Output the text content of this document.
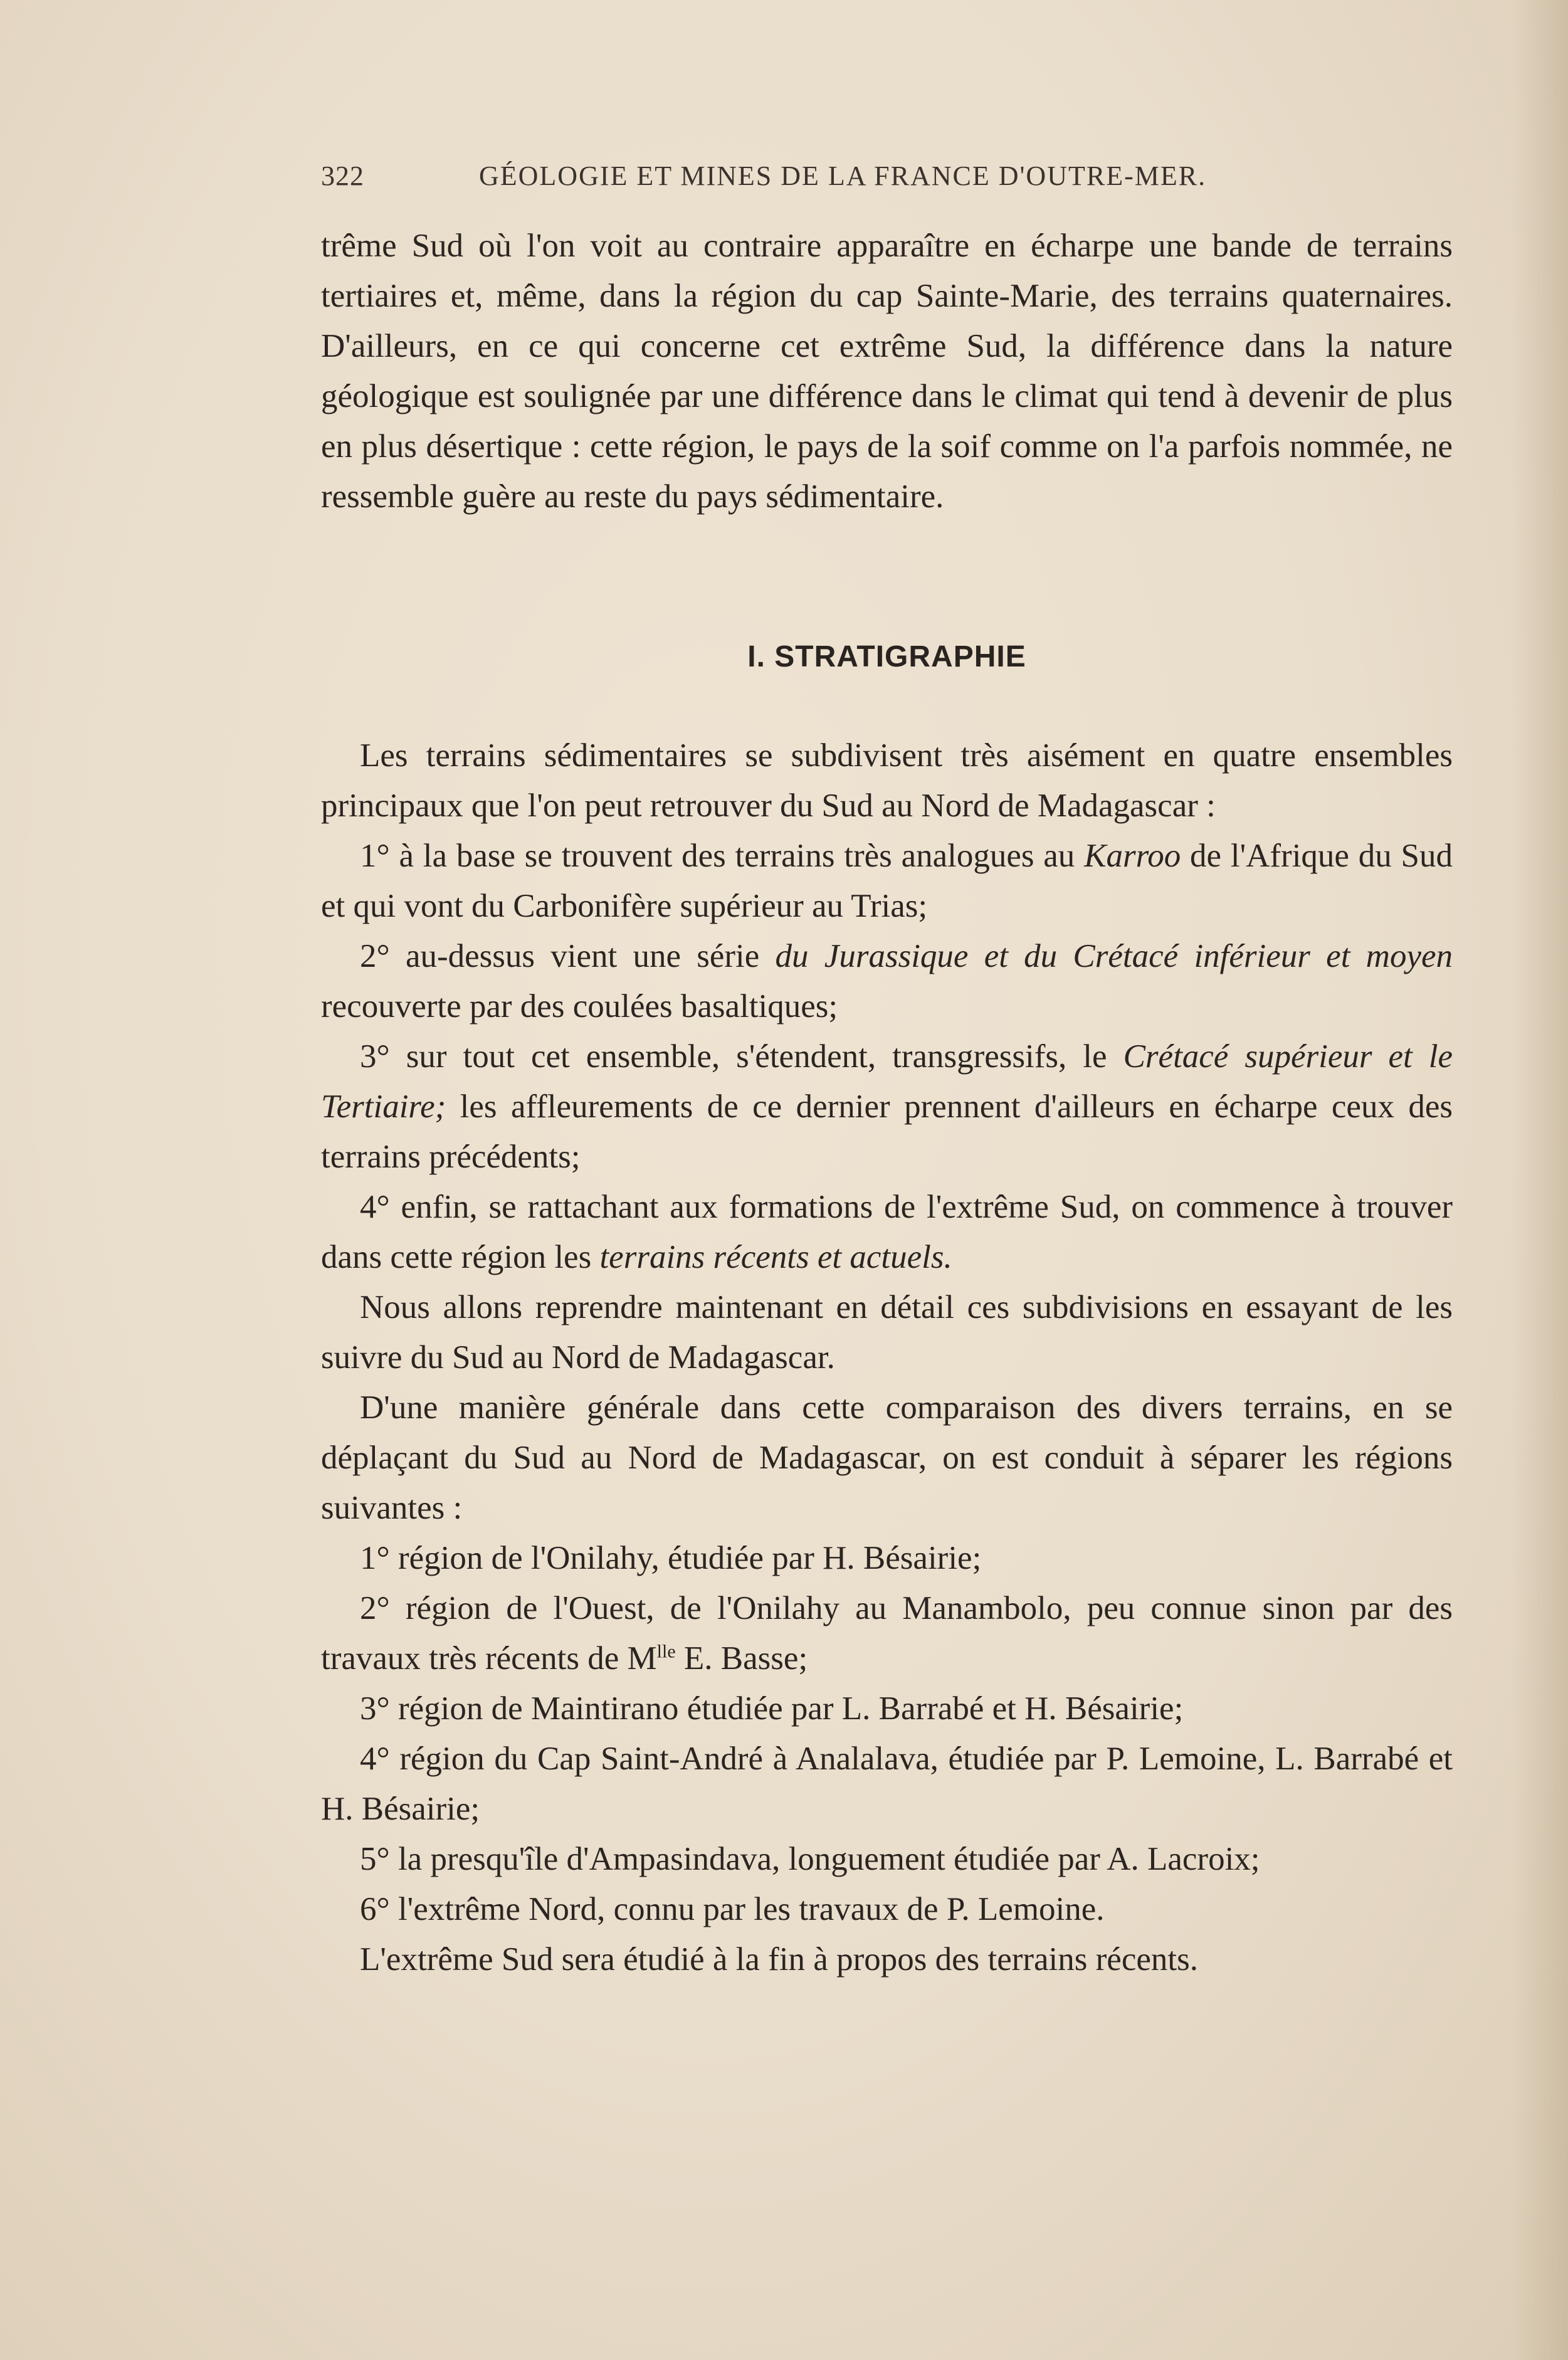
322	GÉOLOGIE ET MINES DE LA FRANCE D'OUTRE-MER.

trême Sud où l'on voit au contraire apparaître en écharpe une bande de terrains tertiaires et, même, dans la région du cap Sainte-Marie, des terrains quaternaires. D'ailleurs, en ce qui concerne cet extrême Sud, la différence dans la nature géologique est soulignée par une différence dans le climat qui tend à devenir de plus en plus désertique : cette région, le pays de la soif comme on l'a parfois nommée, ne ressemble guère au reste du pays sédimentaire.

I. STRATIGRAPHIE

Les terrains sédimentaires se subdivisent très aisément en quatre ensembles principaux que l'on peut retrouver du Sud au Nord de Madagascar :

1° à la base se trouvent des terrains très analogues au Karroo de l'Afrique du Sud et qui vont du Carbonifère supérieur au Trias;

2° au-dessus vient une série du Jurassique et du Crétacé inférieur et moyen recouverte par des coulées basaltiques;

3° sur tout cet ensemble, s'étendent, transgressifs, le Crétacé supérieur et le Tertiaire; les affleurements de ce dernier prennent d'ailleurs en écharpe ceux des terrains précédents;

4° enfin, se rattachant aux formations de l'extrême Sud, on commence à trouver dans cette région les terrains récents et actuels.

Nous allons reprendre maintenant en détail ces subdivisions en essayant de les suivre du Sud au Nord de Madagascar.

D'une manière générale dans cette comparaison des divers terrains, en se déplaçant du Sud au Nord de Madagascar, on est conduit à séparer les régions suivantes :

1° région de l'Onilahy, étudiée par H. Bésairie;

2° région de l'Ouest, de l'Onilahy au Manambolo, peu connue sinon par des travaux très récents de $M^{lle}$ E. Basse;

3° région de Maintirano étudiée par L. Barrabé et H. Bésairie;

4° région du Cap Saint-André à Analalava, étudiée par P. Lemoine, L. Barrabé et H. Bésairie;

5° la presqu'île d'Ampasindava, longuement étudiée par A. Lacroix;

6° l'extrême Nord, connu par les travaux de P. Lemoine.

L'extrême Sud sera étudié à la fin à propos des terrains récents.
